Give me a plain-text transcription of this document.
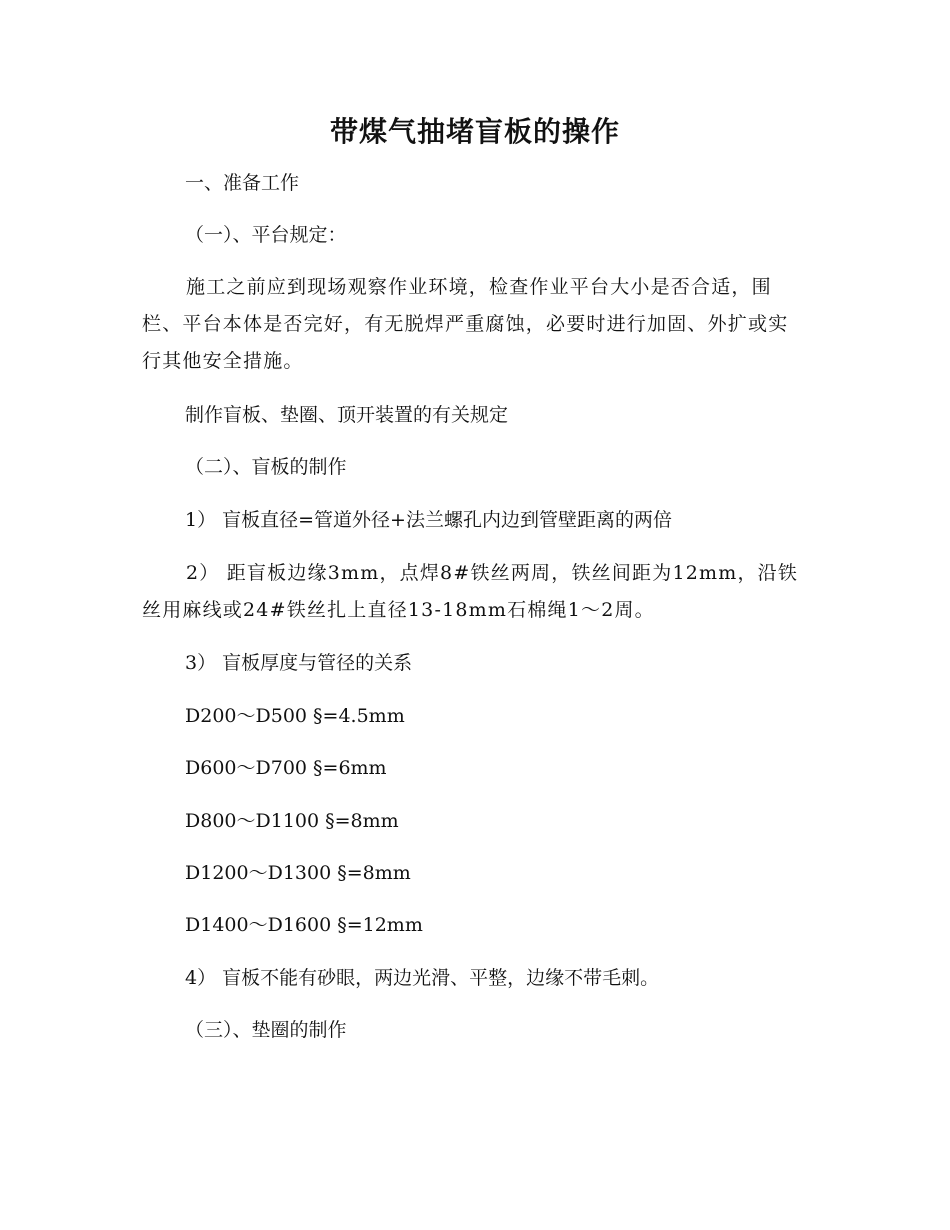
带煤气抽堵盲板的操作
一、准备工作
（一）、平台规定：
施工之前应到现场观察作业环境，检查作业平台大小是否合适，围栏、平台本体是否完好，有无脱焊严重腐蚀，必要时进行加固、外扩或实行其他安全措施。
制作盲板、垫圈、顶开装置的有关规定
（二）、盲板的制作
1） 盲板直径=管道外径+法兰螺孔内边到管壁距离的两倍
2） 距盲板边缘3mm，点焊8#铁丝两周，铁丝间距为12mm，沿铁丝用麻线或24#铁丝扎上直径13-18mm石棉绳1～2周。
3） 盲板厚度与管径的关系
D200～D500 §=4.5mm
D600～D700 §=6mm
D800～D1100 §=8mm
D1200～D1300 §=8mm
D1400～D1600 §=12mm
4） 盲板不能有砂眼，两边光滑、平整，边缘不带毛刺。
（三）、垫圈的制作
